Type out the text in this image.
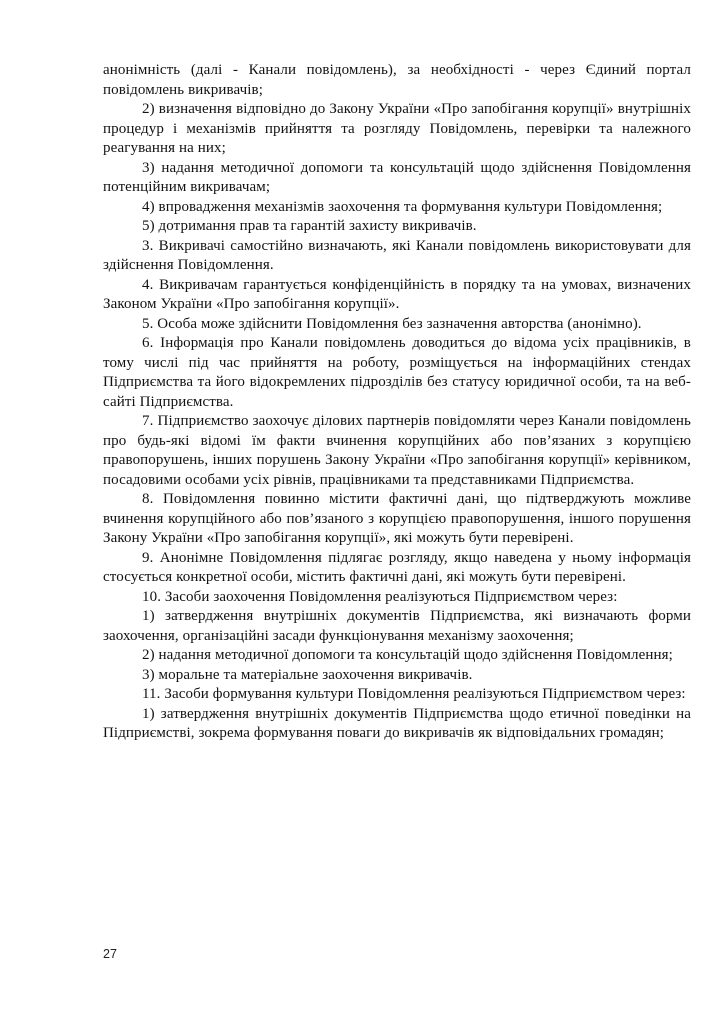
анонімність (далі - Канали повідомлень), за необхідності - через Єдиний портал повідомлень викривачів;

2) визначення відповідно до Закону України «Про запобігання корупції» внутрішніх процедур і механізмів прийняття та розгляду Повідомлень, перевірки та належного реагування на них;

3) надання методичної допомоги та консультацій щодо здійснення Повідомлення потенційним викривачам;

4) впровадження механізмів заохочення та формування культури Повідомлення;

5) дотримання прав та гарантій захисту викривачів.

3. Викривачі самостійно визначають, які Канали повідомлень використовувати для здійснення Повідомлення.

4. Викривачам гарантується конфіденційність в порядку та на умовах, визначених Законом України «Про запобігання корупції».

5. Особа може здійснити Повідомлення без зазначення авторства (анонімно).

6. Інформація про Канали повідомлень доводиться до відома усіх працівників, в тому числі під час прийняття на роботу, розміщується на інформаційних стендах Підприємства та його відокремлених підрозділів без статусу юридичної особи, та на веб-сайті Підприємства.

7. Підприємство заохочує ділових партнерів повідомляти через Канали повідомлень про будь-які відомі їм факти вчинення корупційних або пов’язаних з корупцією правопорушень, інших порушень Закону України «Про запобігання корупції» керівником, посадовими особами усіх рівнів, працівниками та представниками Підприємства.

8. Повідомлення повинно містити фактичні дані, що підтверджують можливе вчинення корупційного або пов’язаного з корупцією правопорушення, іншого порушення Закону України «Про запобігання корупції», які можуть бути перевірені.

9. Анонімне Повідомлення підлягає розгляду, якщо наведена у ньому інформація стосується конкретної особи, містить фактичні дані, які можуть бути перевірені.

10. Засоби заохочення Повідомлення реалізуються Підприємством через:

1) затвердження внутрішніх документів Підприємства, які визначають форми заохочення, організаційні засади функціонування механізму заохочення;

2) надання методичної допомоги та консультацій щодо здійснення Повідомлення;

3) моральне та матеріальне заохочення викривачів.

11. Засоби формування культури Повідомлення реалізуються Підприємством через:

1) затвердження внутрішніх документів Підприємства щодо етичної поведінки на Підприємстві, зокрема формування поваги до викривачів як відповідальних громадян;

27
